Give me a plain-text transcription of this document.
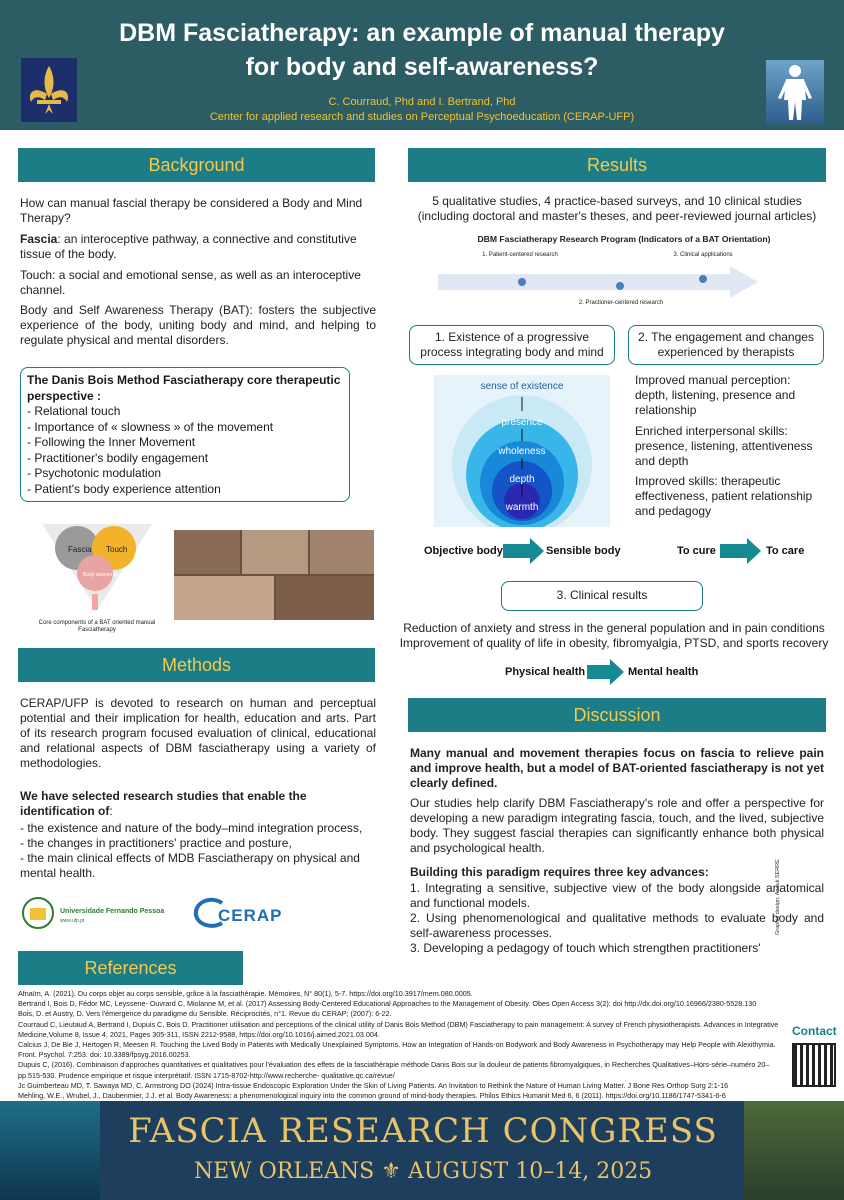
DBM Fasciatherapy: an example of manual therapy
for body and self-awareness?
C. Courraud, Phd and I. Bertrand, Phd
Center for applied research and studies on Perceptual Psychoeducation (CERAP-UFP)
Background
How can manual fascial therapy be considered a Body and Mind Therapy?
Fascia: an interoceptive pathway, a connective and constitutive tissue of the body.
Touch: a social and emotional sense, as well as an interoceptive channel.
Body and Self Awareness Therapy (BAT): fosters the subjective experience of the body, uniting body and mind, and helping to regulate physical and mental disorders.
The Danis Bois Method Fasciatherapy core therapeutic
perspective :
- Relational touch
- Importance of « slowness » of the movement
- Following the Inner Movement
- Practitioner's bodily engagement
- Psychotonic modulation
- Patient's body experience attention
Fascia Touch
Body awaren ess
Core components of a BAT oriented manual Fasciatherapy
Methods
CERAP/UFP is devoted to research on human and perceptual potential and their implication for health, education and arts. Part of its research program focused evaluation of clinical, educational and relational aspects of DBM fasciatherapy using a variety of methodologies.
We have selected research studies that enable the
identification of:
- the existence and nature of the body–mind integration process,
- the changes in practitioners' practice and posture,
- the main clinical effects of MDB Fasciatherapy on physical and mental health.
Universidade Fernando Pessoa
www.ufp.pt	CERAP
Results
5 qualitative studies, 4 practice-based surveys, and 10 clinical studies (including doctoral and master's theses, and peer-reviewed journal articles)
DBM Fasciatherapy Research Program (Indicators of a BAT Orientation)
1. Patient-centered research
2. Practioner-centered research
3. Clinical applications
1. Existence of a progressive process integrating body and mind
2. The engagement and changes experienced by therapists
sense of existence
presence
wholeness
depth
warmth
Improved manual perception: depth, listening, presence and relationship
Enriched interpersonal skills: presence, listening, attentiveness and depth
Improved skills: therapeutic effectiveness, patient relationship and pedagogy
Objective body	Sensible body	To cure	To care
3. Clinical results
Reduction of anxiety and stress in the general population and in pain conditions
Improvement of quality of life in obesity, fibromyalgia, PTSD, and sports recovery
Physical health	Mental health
Discussion
Many manual and movement therapies focus on fascia to relieve pain and improve health, but a model of BAT-oriented fasciatherapy is not yet clearly defined.
Our studies help clarify DBM Fasciatherapy's role and offer a perspective for developing a new paradigm integrating fascia, touch, and the lived, subjective body. They suggest fascial therapies can significantly enhance both physical and psychological health.
Building this paradigm requires three key advances:
1. Integrating a sensitive, subjective view of the body alongside anatomical and functional models.
2. Using phenomenological and qualitative methods to evaluate body and self-awareness processes.
3. Developing a pedagogy of touch which strengthen practitioners'
Graphic design: Anouk SERRE
References
Afnaïm, A. (2021). Du corps objet au corps sensible, grâce à la fasciathérapie. Mémoires, N° 80(1), 5-7. https://doi.org/10.3917/mem.080.0005.
Bertrand I, Bois D, Fédor MC, Leyssene- Ouvrard C, Miolanne M, et al. (2017) Assessing Body-Centered Educational Approaches to the Management of Obesity. Obes Open Access 3(2): doi http://dx.doi.org/10.16966/2380-5528.130
Bois, D. et Austry, D. Vers l'émergence du paradigme du Sensible. Réciprocités, n°1. Revue du CERAP; (2007): 6-22.
Courraud C, Lieutaud A, Bertrand I, Dupuis C, Bois D. Practitioner utilisation and perceptions of the clinical utility of Danis Bois Method (DBM) Fasciatherapy to pain management: A survey of French physiotherapists. Advances in Integrative Medicine,Volume 8, Issue 4, 2021, Pages 305-311, ISSN 2212-9588, https://doi.org/10.1016/j.aimed.2021.03.004.
Calcius J, De Bie J, Hertogen R, Meesen R. Touching the Lived Body in Patients with Medically Unexplained Symptoms. How an Integration of Hands-on Bodywork and Body Awareness in Psychotherapy may Help People with Alexithymia. Front. Psychol. 7:253. doi: 10.3389/fpsyg.2016.00253.
Dupuis C, (2016). Combinaison d'approches quantitatives et qualitatives pour l'évaluation des effets de la fasciathérapie méthode Danis Bois sur la douleur de patients fibromyalgiques, in Recherches Qualitatives–Hors-série–numéro 20–pp.515-530. Prudence empirique et risque interprétatif. ISSN 1715-8702-http://www.recherche- qualitative.qc.ca/revue/
Jc Guimberteau MD, T. Sawaya MD, C. Armstrong DO (2024) Intra-tissue Endoscopic Exploration Under the Skin of Living Patients. An Invitation to Rethink the Nature of Human Living Matter. J Bone Res Orthop Surg 2:1-16
Mehling, W.E., Wrubel, J., Daubenmier, J.J. et al. Body Awareness: a phenomenological inquiry into the common ground of mind-body therapies. Philos Ethics Humanit Med 6, 6 (2011). https://doi.org/10.1186/1747-5341-6-6
Contact
FASCIA RESEARCH CONGRESS
NEW ORLEANS ⚜ AUGUST 10–14, 2025
